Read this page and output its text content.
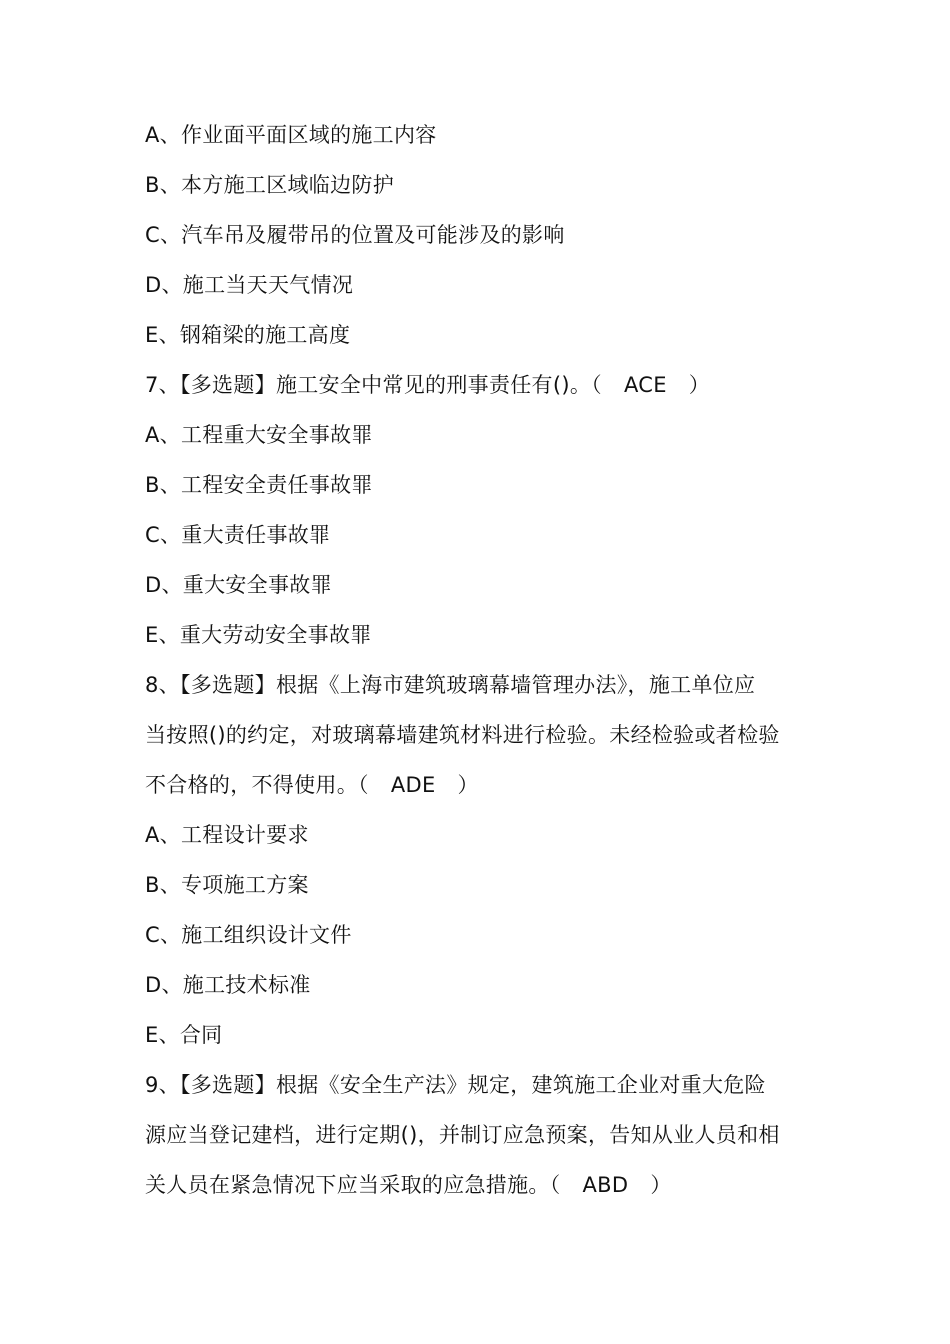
A、作业面平面区域的施工内容
B、本方施工区域临边防护
C、汽车吊及履带吊的位置及可能涉及的影响
D、施工当天天气情况
E、钢箱梁的施工高度
7、【多选题】施工安全中常见的刑事责任有()。（ ACE ）
A、工程重大安全事故罪
B、工程安全责任事故罪
C、重大责任事故罪
D、重大安全事故罪
E、重大劳动安全事故罪
8、【多选题】根据《上海市建筑玻璃幕墙管理办法》，施工单位应
当按照()的约定，对玻璃幕墙建筑材料进行检验。未经检验或者检验
不合格的，不得使用。（ ADE ）
A、工程设计要求
B、专项施工方案
C、施工组织设计文件
D、施工技术标准
E、合同
9、【多选题】根据《安全生产法》规定，建筑施工企业对重大危险
源应当登记建档，进行定期()，并制订应急预案，告知从业人员和相
关人员在紧急情况下应当采取的应急措施。（ ABD ）
